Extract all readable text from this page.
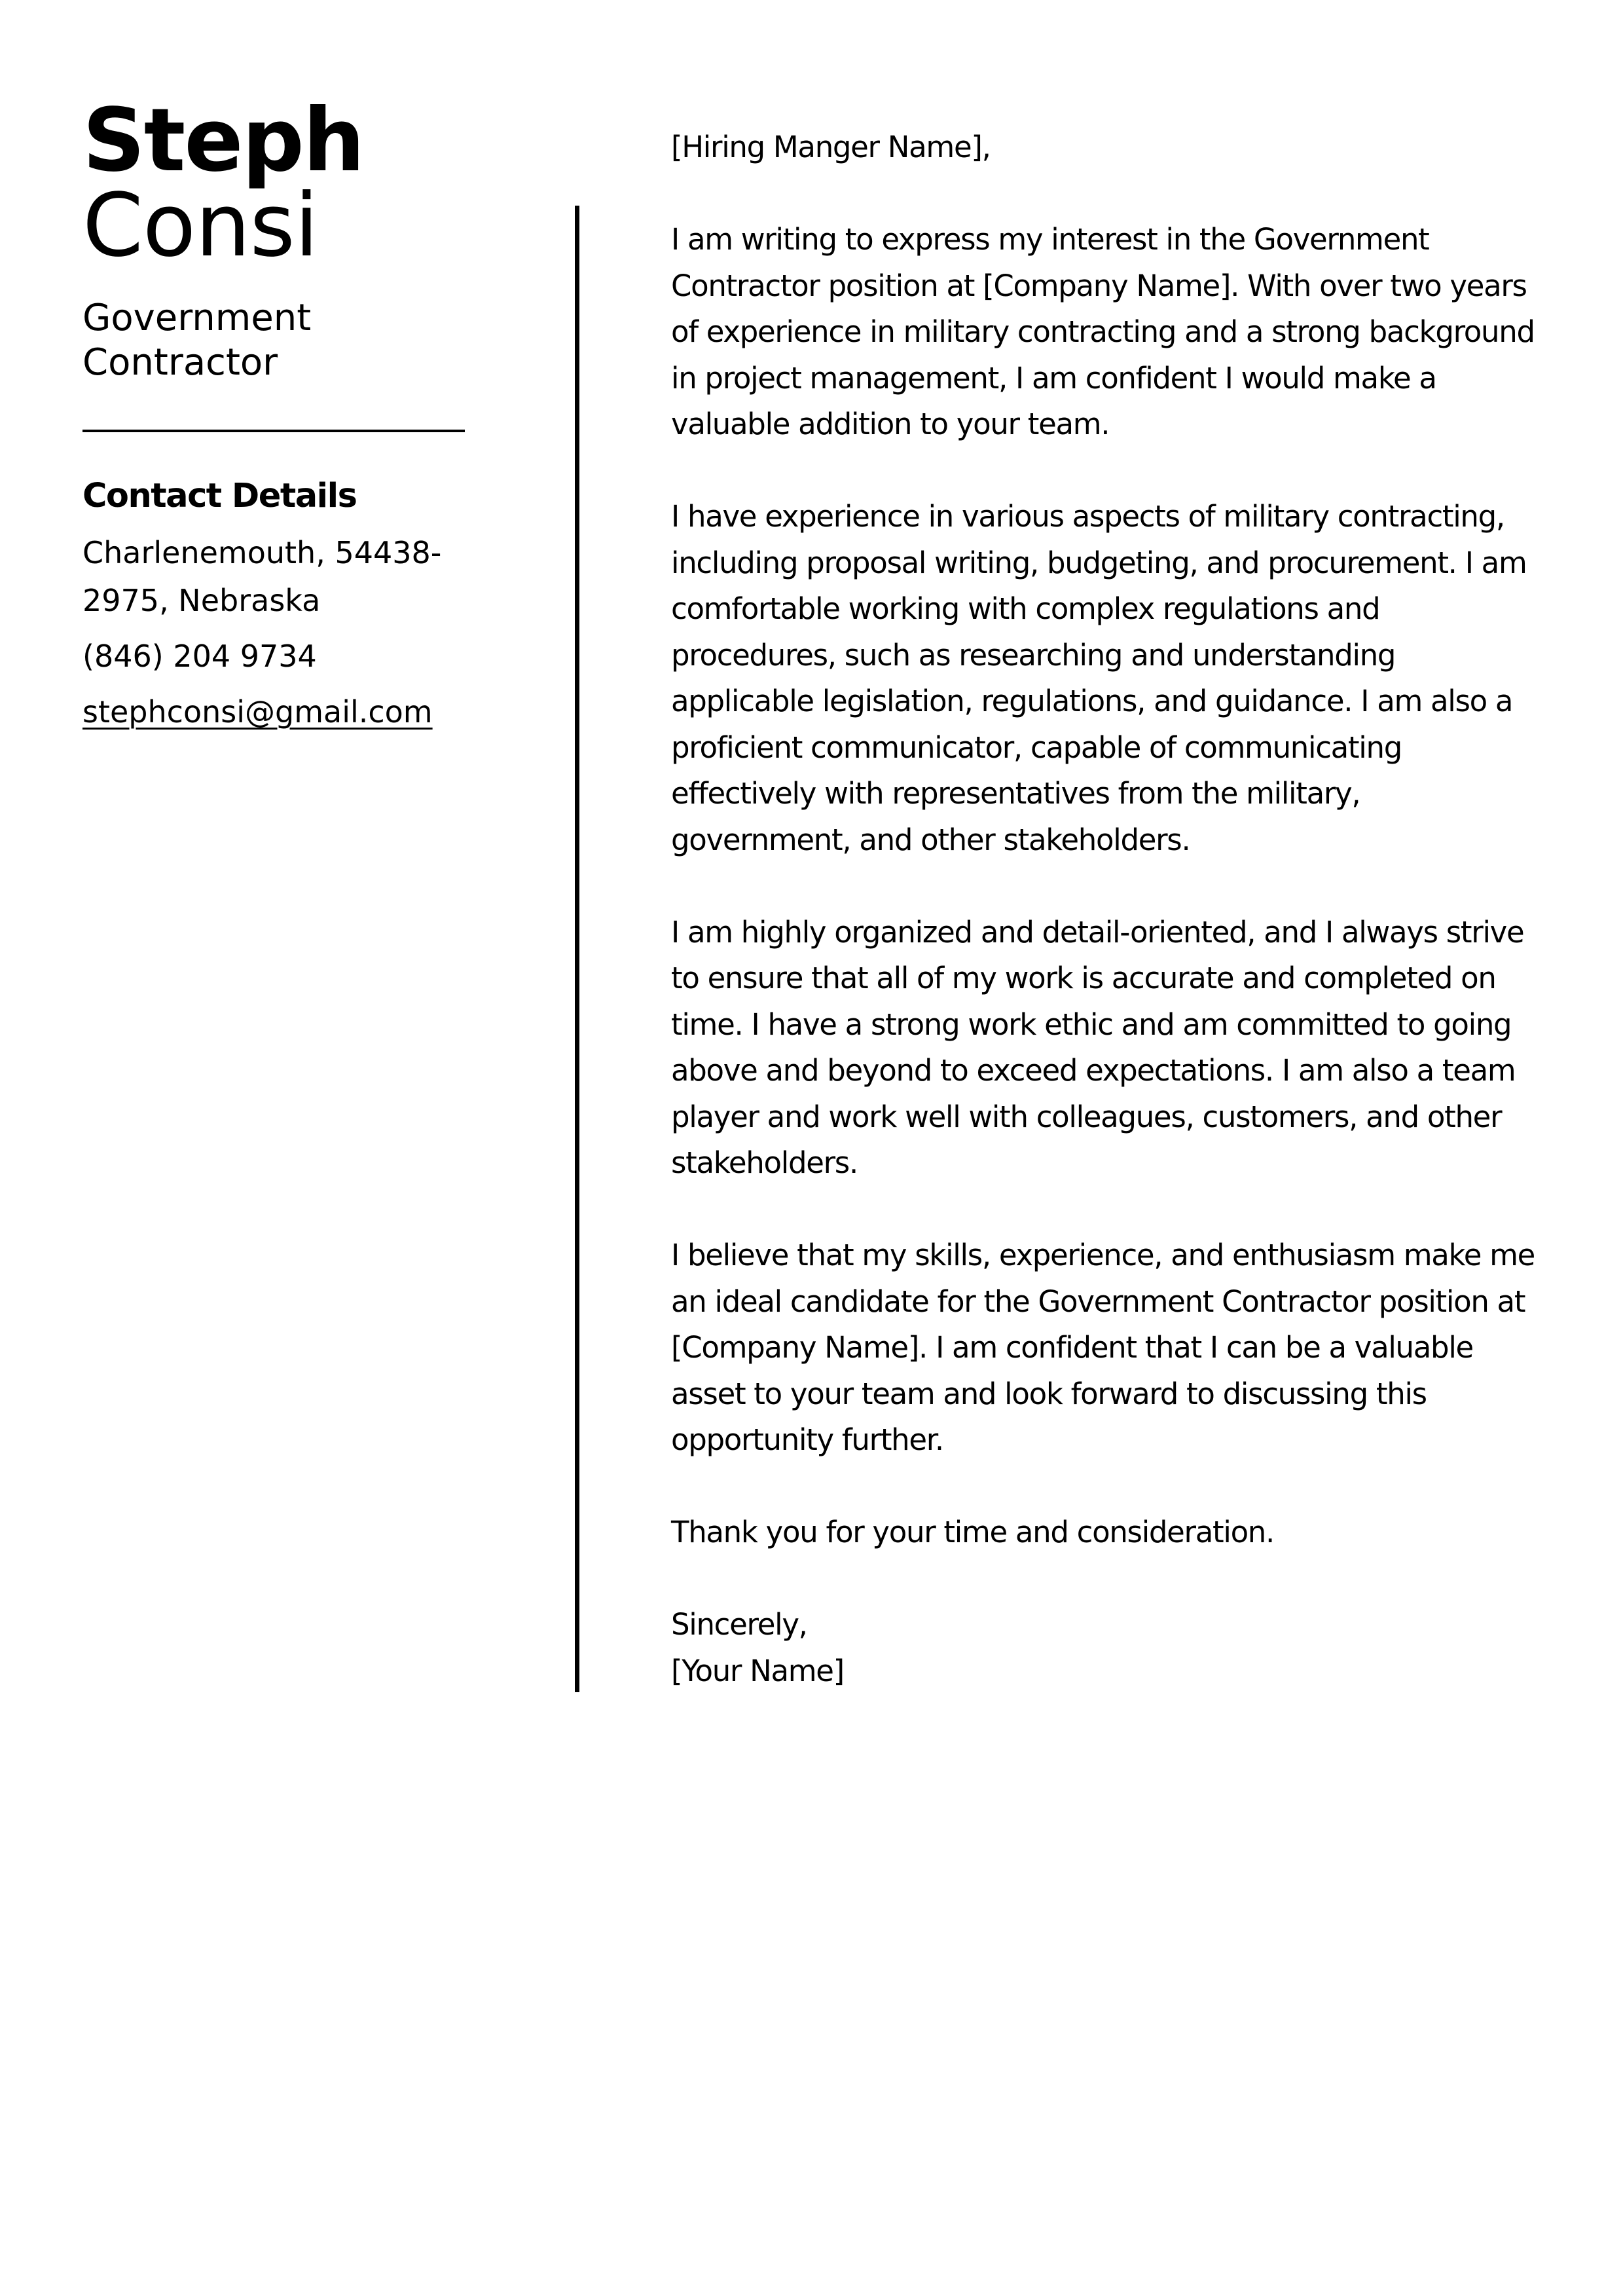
Steph
Consi
Government Contractor
Contact Details
Charlenemouth, 54438-2975, Nebraska
(846) 204 9734
stephconsi@gmail.com

[Hiring Manger Name],

I am writing to express my interest in the Government Contractor position at [Company Name]. With over two years of experience in military contracting and a strong background in project management, I am confident I would make a valuable addition to your team.

I have experience in various aspects of military contracting, including proposal writing, budgeting, and procurement. I am comfortable working with complex regulations and procedures, such as researching and understanding applicable legislation, regulations, and guidance. I am also a proficient communicator, capable of communicating effectively with representatives from the military, government, and other stakeholders.

I am highly organized and detail-oriented, and I always strive to ensure that all of my work is accurate and completed on time. I have a strong work ethic and am committed to going above and beyond to exceed expectations. I am also a team player and work well with colleagues, customers, and other stakeholders.

I believe that my skills, experience, and enthusiasm make me an ideal candidate for the Government Contractor position at [Company Name]. I am confident that I can be a valuable asset to your team and look forward to discussing this opportunity further.

Thank you for your time and consideration.

Sincerely,
[Your Name]
